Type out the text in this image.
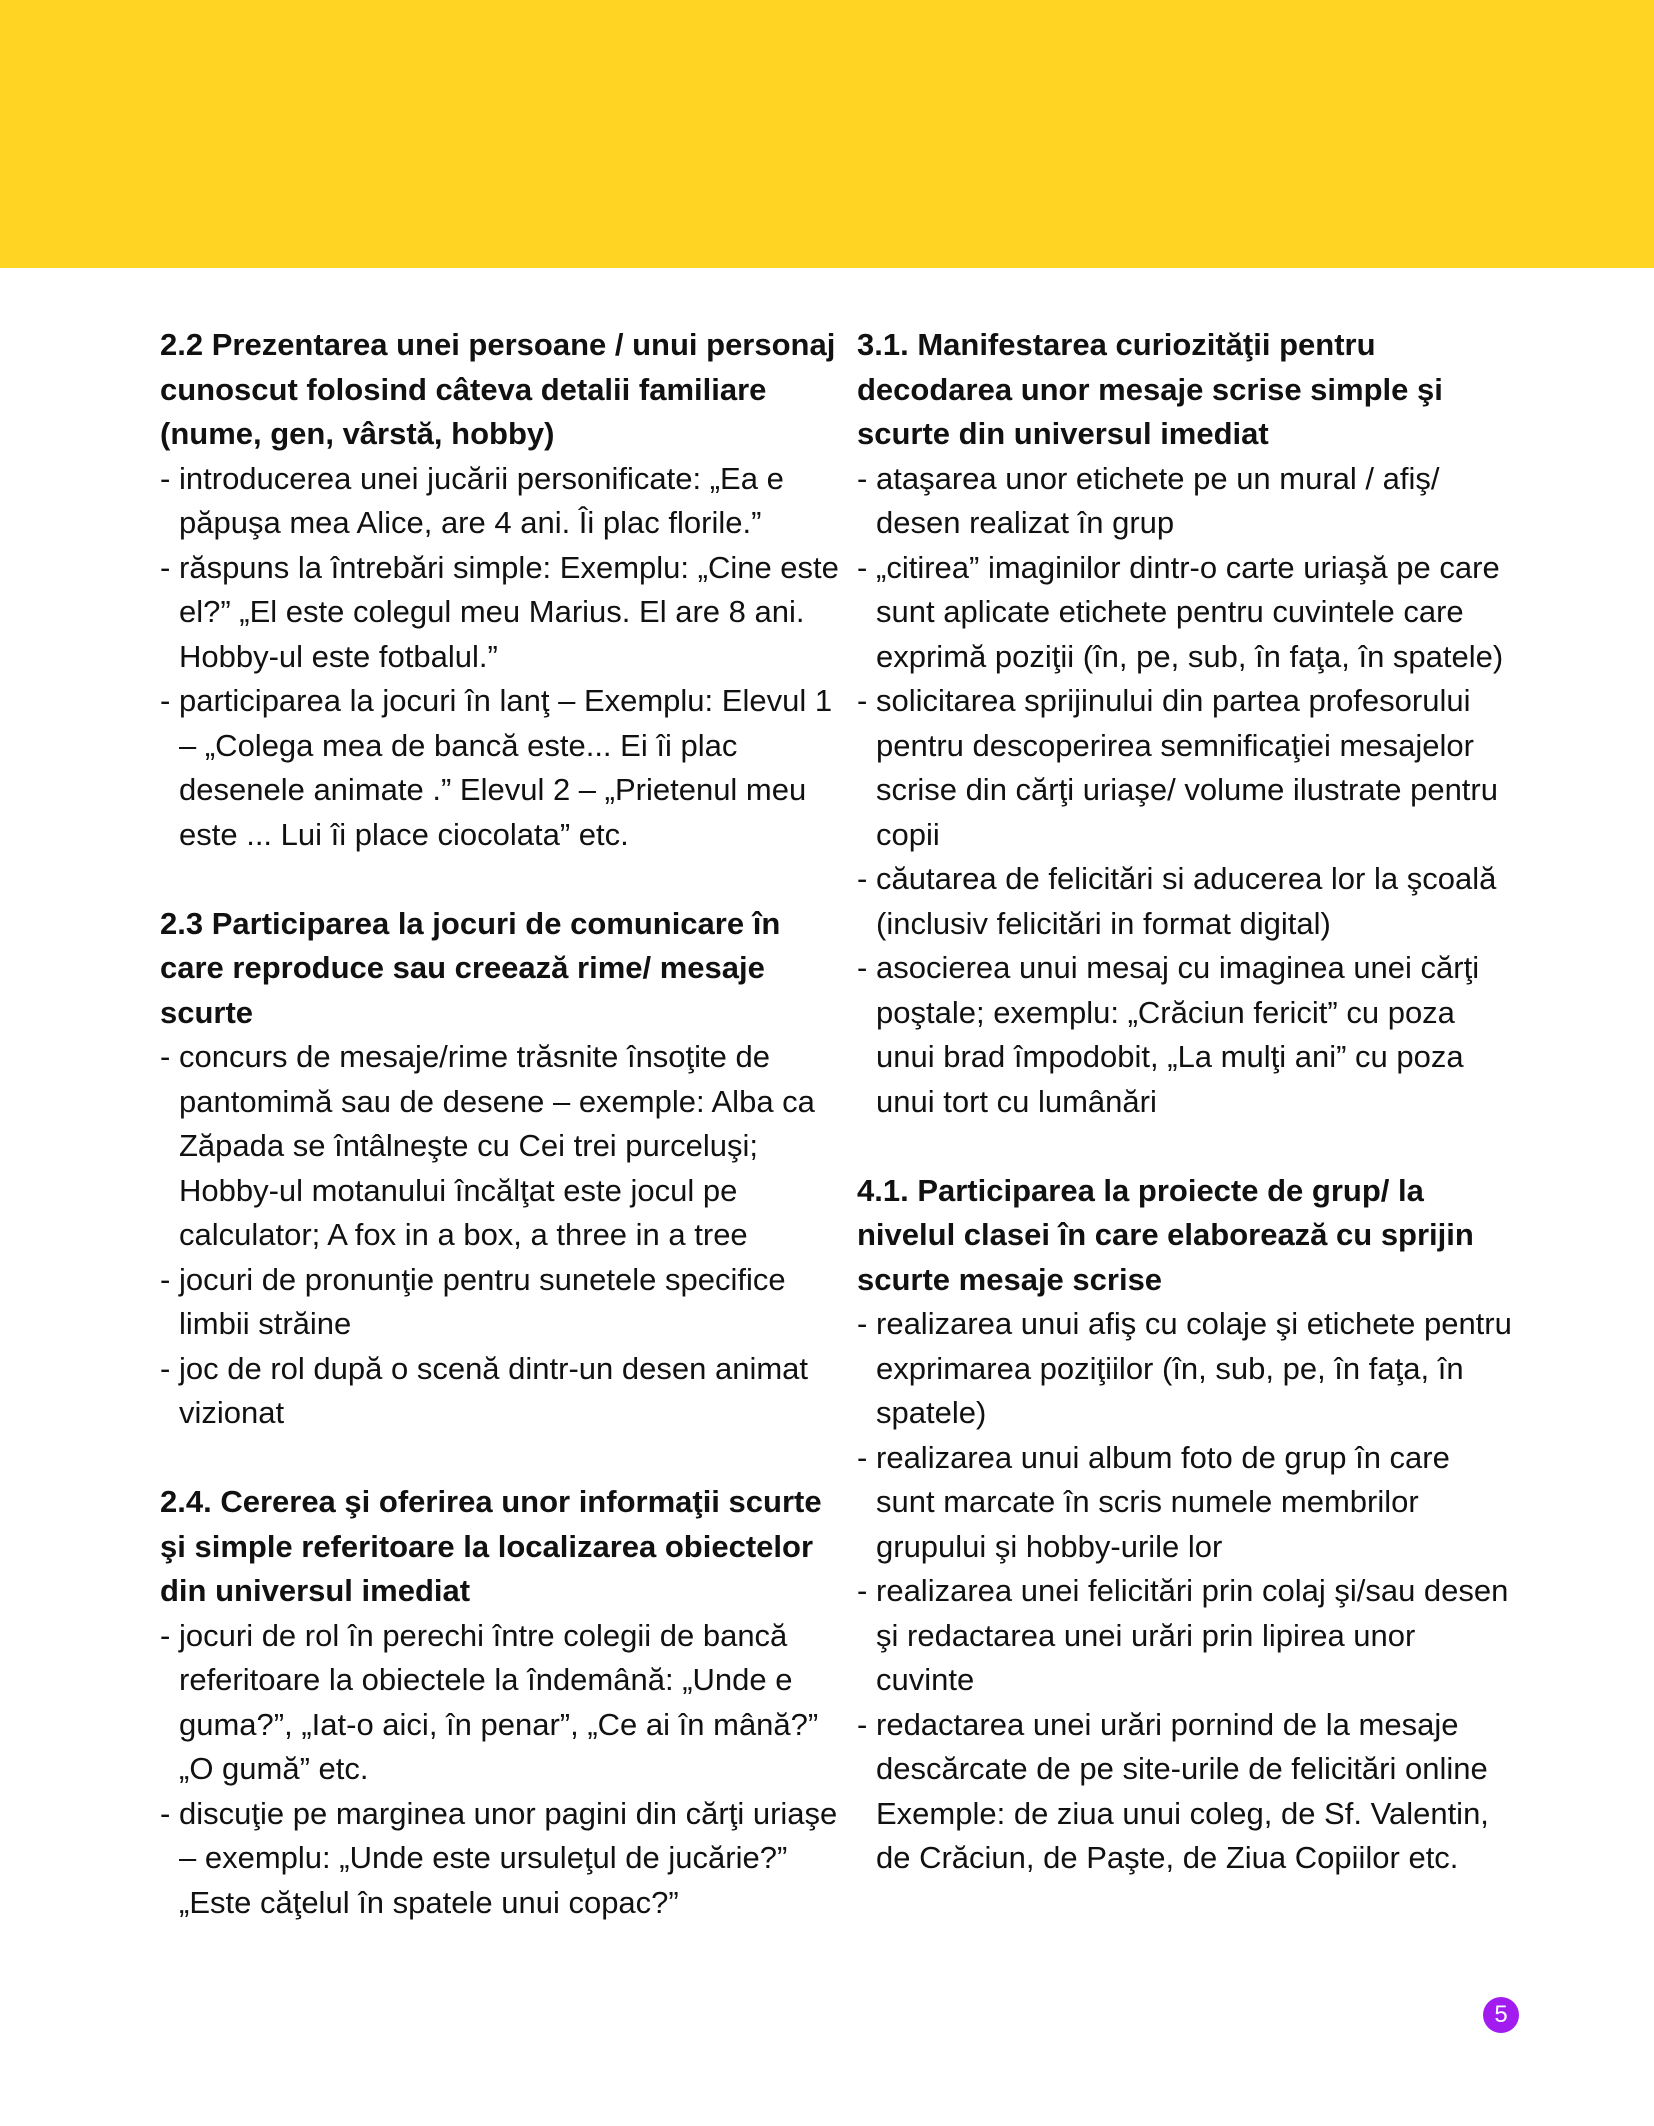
2.2 Prezentarea unei persoane / unui personaj cunoscut folosind câteva detalii familiare (nume, gen, vârstă, hobby)

- introducerea unei jucării personificate: „Ea e păpuşa mea Alice, are 4 ani. Îi plac florile.”
- răspuns la întrebări simple: Exemplu: „Cine este el?” „El este colegul meu Marius. El are 8 ani. Hobby-ul este fotbalul.”
- participarea la jocuri în lanţ – Exemplu: Elevul 1 – „Colega mea de bancă este... Ei îi plac desenele animate .” Elevul 2 – „Prietenul meu este ... Lui îi place ciocolata” etc.

2.3 Participarea la jocuri de comunicare în care reproduce sau creează rime/ mesaje scurte

- concurs de mesaje/rime trăsnite însoţite de pantomimă sau de desene – exemple: Alba ca Zăpada se întâlneşte cu Cei trei purceluşi; Hobby-ul motanului încălţat este jocul pe calculator; A fox in a box, a three in a tree
- jocuri de pronunţie pentru sunetele specifice limbii străine
- joc de rol după o scenă dintr-un desen animat vizionat

2.4. Cererea şi oferirea unor informaţii scurte şi simple referitoare la localizarea obiectelor din universul imediat

- jocuri de rol în perechi între colegii de bancă referitoare la obiectele la îndemână: „Unde e guma?”, „Iat-o aici, în penar”, „Ce ai în mână?” „O gumă” etc.
- discuţie pe marginea unor pagini din cărţi uriaşe – exemplu: „Unde este ursuleţul de jucărie?” „Este căţelul în spatele unui copac?”

3.1. Manifestarea curiozităţii pentru decodarea unor mesaje scrise simple şi scurte din universul imediat

- ataşarea unor etichete pe un mural / afiş/ desen realizat în grup
- „citirea” imaginilor dintr-o carte uriaşă pe care sunt aplicate etichete pentru cuvintele care exprimă poziţii (în, pe, sub, în faţa, în spatele)
- solicitarea sprijinului din partea profesorului pentru descoperirea semnificaţiei mesajelor scrise din cărţi uriaşe/ volume ilustrate pentru copii
- căutarea de felicitări si aducerea lor la şcoală (inclusiv felicitări in format digital)
- asocierea unui mesaj cu imaginea unei cărţi poştale; exemplu: „Crăciun fericit” cu poza unui brad împodobit, „La mulţi ani” cu poza unui tort cu lumânări

4.1. Participarea la proiecte de grup/ la nivelul clasei în care elaborează cu sprijin scurte mesaje scrise

- realizarea unui afiş cu colaje şi etichete pentru exprimarea poziţiilor (în, sub, pe, în faţa, în spatele)
- realizarea unui album foto de grup în care sunt marcate în scris numele membrilor grupului şi hobby-urile lor
- realizarea unei felicitări prin colaj şi/sau desen şi redactarea unei urări prin lipirea unor cuvinte
- redactarea unei urări pornind de la mesaje descărcate de pe site-urile de felicitări online Exemple: de ziua unui coleg, de Sf. Valentin, de Crăciun, de Paşte, de Ziua Copiilor etc.
5
